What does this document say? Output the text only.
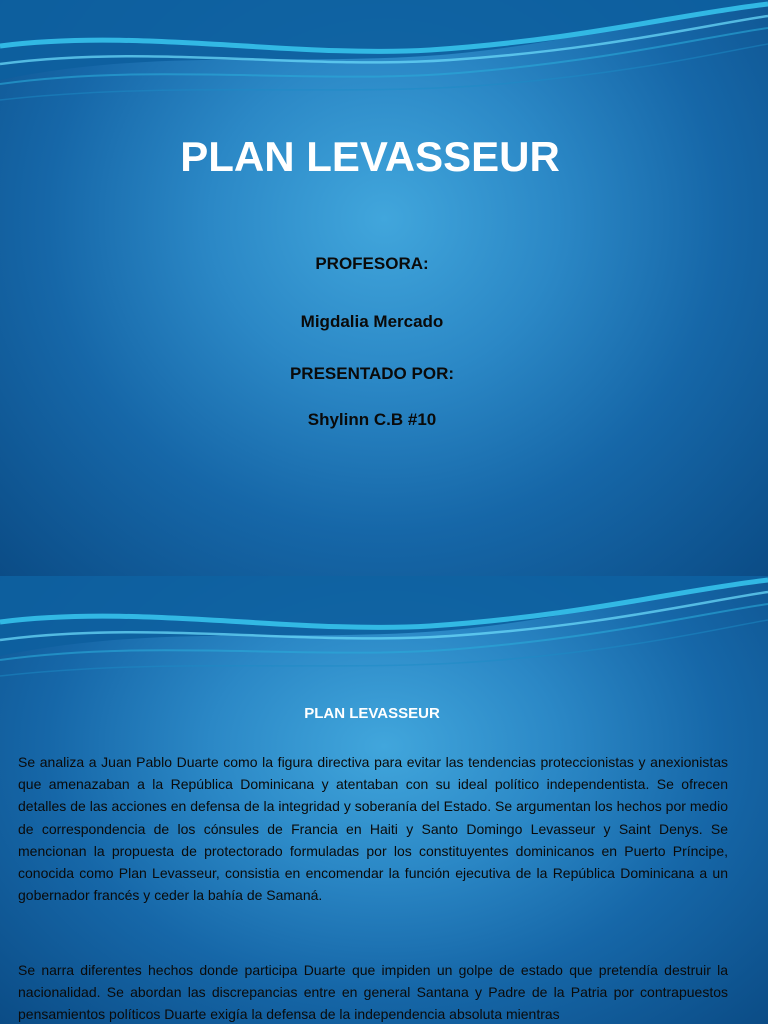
PLAN LEVASSEUR

PROFESORA:

Migdalia Mercado

PRESENTADO POR:

Shylinn C.B #10

PLAN LEVASSEUR

Se analiza a Juan Pablo Duarte como la figura directiva para evitar las tendencias proteccionistas y anexionistas que amenazaban a la República Dominicana y atentaban con su ideal político independentista. Se ofrecen detalles de las acciones en defensa de la integridad y soberanía del Estado. Se argumentan los hechos por medio de correspondencia de los cónsules de Francia en Haiti y Santo Domingo Levasseur y Saint Denys. Se mencionan la propuesta de protectorado formuladas por los constituyentes dominicanos en Puerto Príncipe, conocida como Plan Levasseur, consistia en encomendar la función ejecutiva de la República Dominicana a un gobernador francés y ceder la bahía de Samaná.

Se narra diferentes hechos donde participa Duarte que impiden un golpe de estado que pretendía destruir la nacionalidad. Se abordan las discrepancias entre en general Santana y Padre de la Patria por contrapuestos pensamientos políticos Duarte exigía la defensa de la independencia absoluta mientras
